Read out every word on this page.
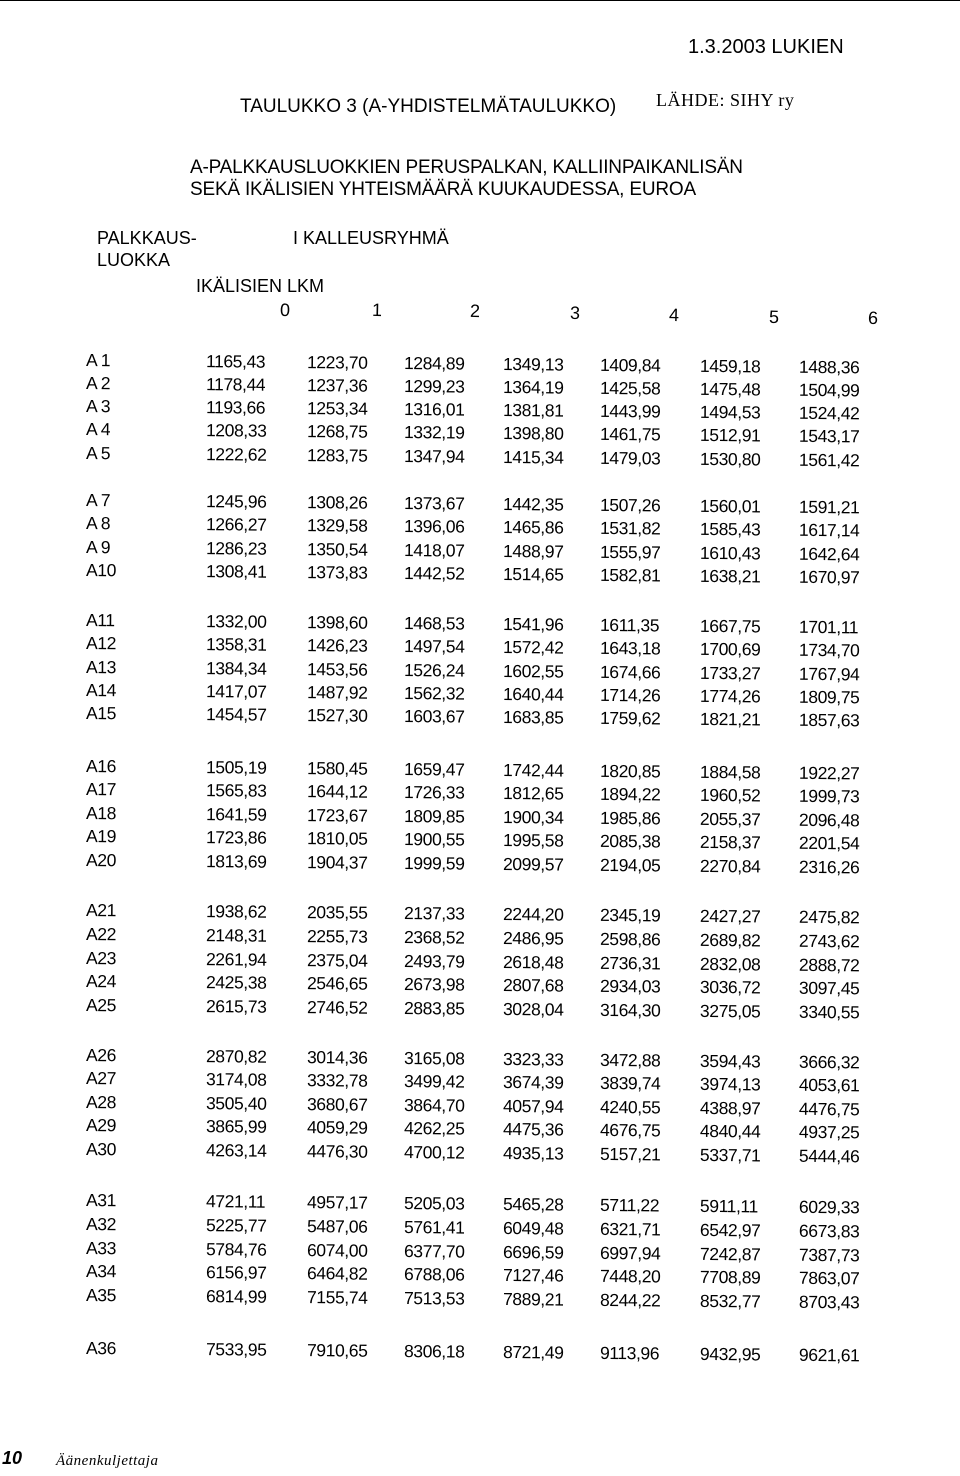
1.3.2003 LUKIEN
TAULUKKO 3 (A-YHDISTELMÄTAULUKKO) LÄHDE: SIHY ry
A-PALKKAUSLUOKKIEN PERUSPALKAN, KALLIINPAIKANLISÄN
SEKÄ IKÄLISIEN YHTEISMÄÄRÄ KUUKAUDESSA, EUROA
PALKKAUS-
LUOKKA
I KALLEUSRYHMÄ
IKÄLISIEN LKM
0	1	2	3	4	5	6
A 1	1165,43 1223,70 1284,89 1349,13 1409,84 1459,18 1488,36
A 2	1178,44 1237,36 1299,23 1364,19 1425,58 1475,48 1504,99
A 3	1193,66 1253,34 1316,01 1381,81 1443,99 1494,53 1524,42
A 4	1208,33 1268,75 1332,19 1398,80 1461,75 1512,91 1543,17
A 5	1222,62 1283,75 1347,94 1415,34 1479,03 1530,80 1561,42
A 7	1245,96 1308,26 1373,67 1442,35 1507,26 1560,01 1591,21
A 8	1266,27 1329,58 1396,06 1465,86 1531,82 1585,43 1617,14
A 9	1286,23 1350,54 1418,07 1488,97 1555,97 1610,43 1642,64
A10	1308,41 1373,83 1442,52 1514,65 1582,81 1638,21 1670,97
A11	1332,00 1398,60 1468,53 1541,96 1611,35 1667,75 1701,11
A12	1358,31 1426,23 1497,54 1572,42 1643,18 1700,69 1734,70
A13	1384,34 1453,56 1526,24 1602,55 1674,66 1733,27 1767,94
A14	1417,07 1487,92 1562,32 1640,44 1714,26 1774,26 1809,75
A15	1454,57 1527,30 1603,67 1683,85 1759,62 1821,21 1857,63
A16	1505,19 1580,45 1659,47 1742,44 1820,85 1884,58 1922,27
A17	1565,83 1644,12 1726,33 1812,65 1894,22 1960,52 1999,73
A18	1641,59 1723,67 1809,85 1900,34 1985,86 2055,37 2096,48
A19	1723,86 1810,05 1900,55 1995,58 2085,38 2158,37 2201,54
A20	1813,69 1904,37 1999,59 2099,57 2194,05 2270,84 2316,26
A21	1938,62 2035,55 2137,33 2244,20 2345,19 2427,27 2475,82
A22	2148,31 2255,73 2368,52 2486,95 2598,86 2689,82 2743,62
A23	2261,94 2375,04 2493,79 2618,48 2736,31 2832,08 2888,72
A24	2425,38 2546,65 2673,98 2807,68 2934,03 3036,72 3097,45
A25	2615,73 2746,52 2883,85 3028,04 3164,30 3275,05 3340,55
A26	2870,82 3014,36 3165,08 3323,33 3472,88 3594,43 3666,32
A27	3174,08 3332,78 3499,42 3674,39 3839,74 3974,13 4053,61
A28	3505,40 3680,67 3864,70 4057,94 4240,55 4388,97 4476,75
A29	3865,99 4059,29 4262,25 4475,36 4676,75 4840,44 4937,25
A30	4263,14 4476,30 4700,12 4935,13 5157,21 5337,71 5444,46
A31	4721,11 4957,17 5205,03 5465,28 5711,22 5911,11 6029,33
A32	5225,77 5487,06 5761,41 6049,48 6321,71 6542,97 6673,83
A33	5784,76 6074,00 6377,70 6696,59 6997,94 7242,87 7387,73
A34	6156,97 6464,82 6788,06 7127,46 7448,20 7708,89 7863,07
A35	6814,99 7155,74 7513,53 7889,21 8244,22 8532,77 8703,43
A36	7533,95 7910,65 8306,18 8721,49 9113,96 9432,95 9621,61
10 Äänenkuljettaja
